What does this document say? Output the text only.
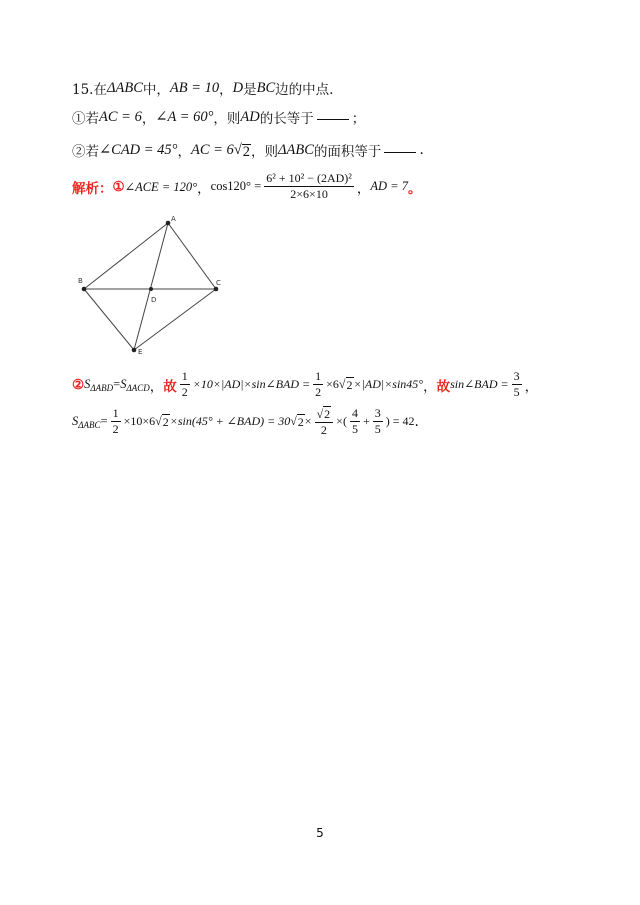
15.在 ΔABC 中， AB = 10 ， D 是 BC 边的中点.
①若 AC = 6 ， ∠A = 60° ， 则 AD 的长等于	；
②若 ∠CAD = 45° ， AC = 6 √ 2 ， 则 ΔABC 的面积等于	.
解析： ① ∠ACE = 120° ， $\cos 120^\circ = \frac{\text{6² + 10² − (2AD)²}}{2\times 6\times 10}$ ， AD = 7 。
A
B	C
D
E
② $S_{\Delta ABD} = S_{\Delta ACD}$ ， 故 $\frac{1}{2}$ ×10×|AD|×sin∠BAD = $\frac{1}{2} \times 6$ √ 2 ×|AD|×sin45° ， 故 sin∠BAD = $\frac{3}{5}$ ，
$S_{\Delta ABC} = \frac{1}{2} \times 10\times 6$ √ 2 ×sin(45° + ∠BAD) = 30 √ $2 \times \frac{√ 2}{2}$ ×( $\frac{4}{5} + \frac{3}{5}$ ) = 42 .
5
